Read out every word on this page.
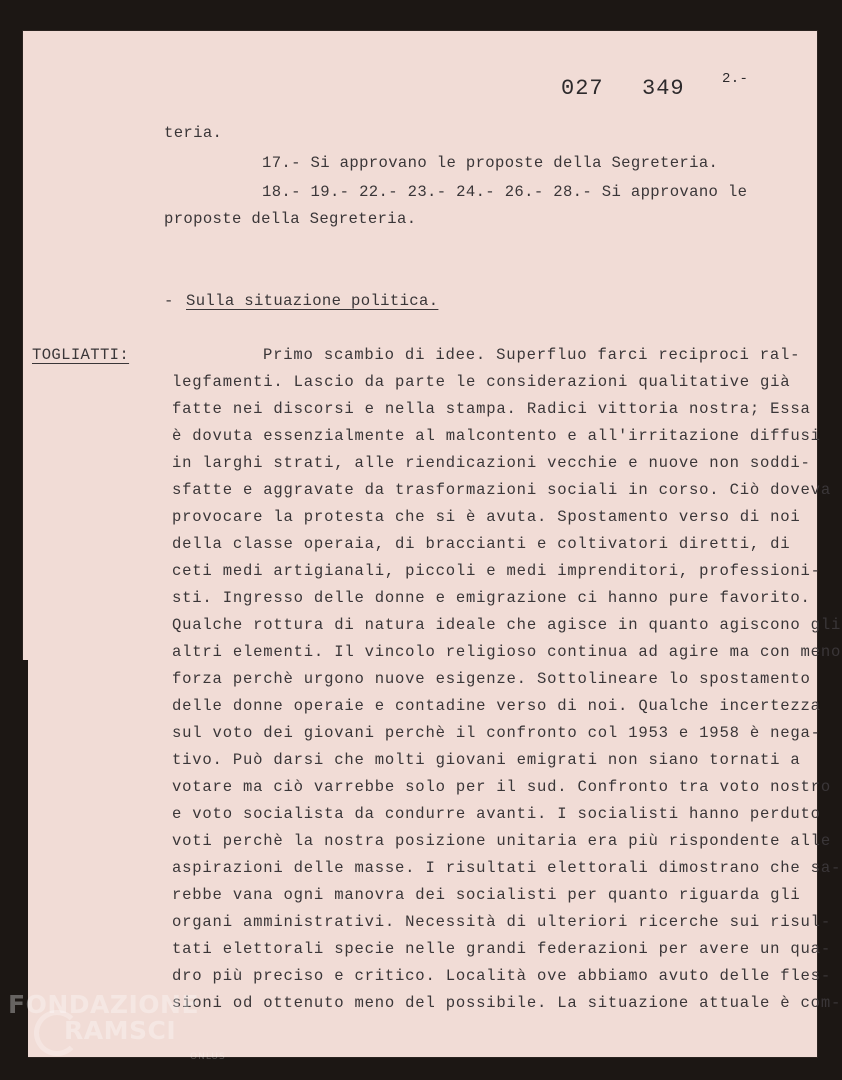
027 349	2.-
teria.
17.- Si approvano le proposte della Segreteria.
18.- 19.- 22.- 23.- 24.- 26.- 28.- Si approvano le
proposte della Segreteria.
- Sulla situazione politica.
TOGLIATTI:	Primo scambio di idee. Superfluo farci reciproci ral-
legfamenti. Lascio da parte le considerazioni qualitative già
fatte nei discorsi e nella stampa. Radici vittoria nostra; Essa
è dovuta essenzialmente al malcontento e all'irritazione diffusi
in larghi strati, alle riendicazioni vecchie e nuove non soddi-
sfatte e aggravate da trasformazioni sociali in corso. Ciò doveva
provocare la protesta che si è avuta. Spostamento verso di noi
della classe operaia, di braccianti e coltivatori diretti, di
ceti medi artigianali, piccoli e medi imprenditori, professioni-
sti. Ingresso delle donne e emigrazione ci hanno pure favorito.
Qualche rottura di natura ideale che agisce in quanto agiscono gli
altri elementi. Il vincolo religioso continua ad agire ma con meno
forza perchè urgono nuove esigenze. Sottolineare lo spostamento
delle donne operaie e contadine verso di noi. Qualche incertezza
sul voto dei giovani perchè il confronto col 1953 e 1958 è nega-
tivo. Può darsi che molti giovani emigrati non siano tornati a
votare ma ciò varrebbe solo per il sud. Confronto tra voto nostro
e voto socialista da condurre avanti. I socialisti hanno perduto
voti perchè la nostra posizione unitaria era più rispondente alle
aspirazioni delle masse. I risultati elettorali dimostrano che sa-
rebbe vana ogni manovra dei socialisti per quanto riguarda gli
organi amministrativi. Necessità di ulteriori ricerche sui risul-
tati elettorali specie nelle grandi federazioni per avere un qua-
dro più preciso e critico. Località ove abbiamo avuto delle fles-
sioni od ottenuto meno del possibile. La situazione attuale è com-
FONDAZIONE
RAMSCI
ONLUS
